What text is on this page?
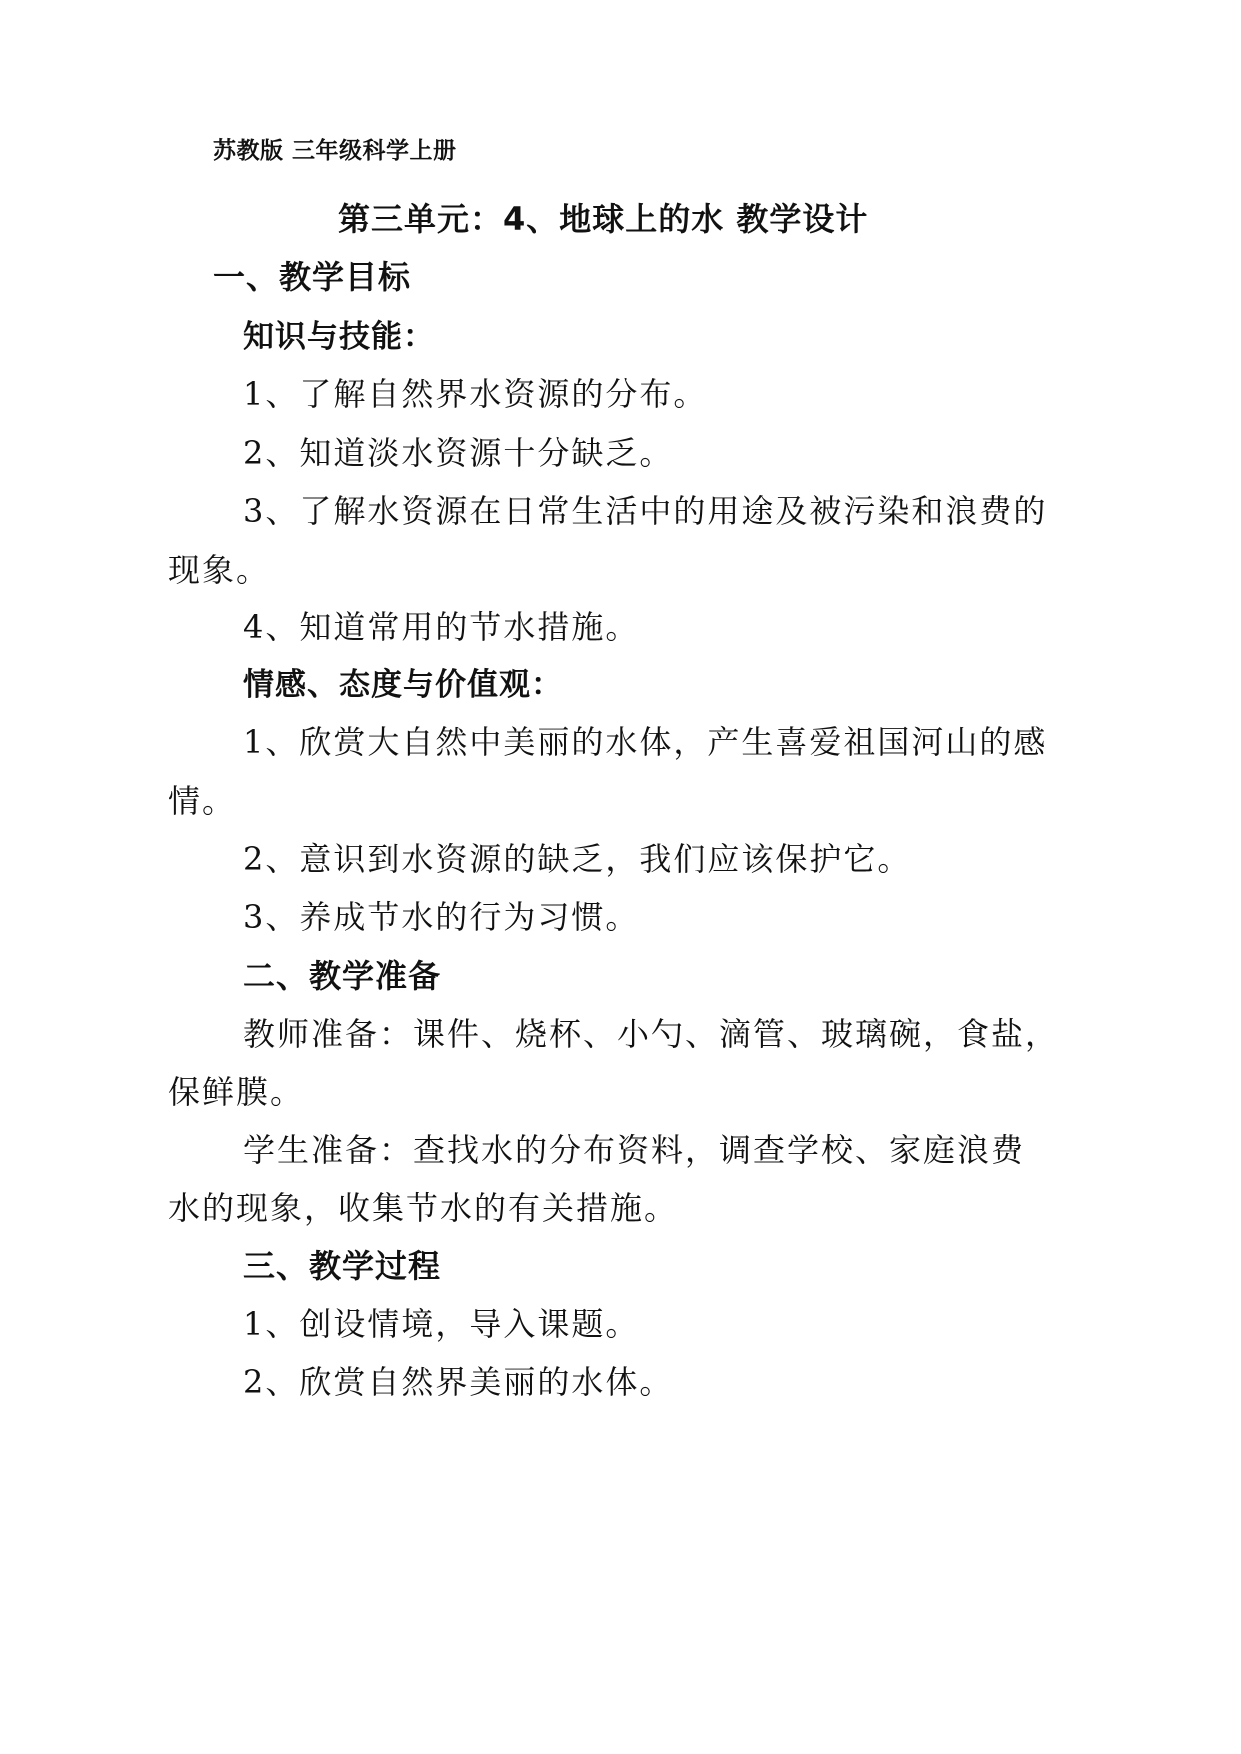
苏教版 三年级科学上册
第三单元：4、地球上的水 教学设计
一、教学目标
知识与技能：
1、了解自然界水资源的分布。
2、知道淡水资源十分缺乏。
3、了解水资源在日常生活中的用途及被污染和浪费的
现象。
4、知道常用的节水措施。
情感、态度与价值观：
1、欣赏大自然中美丽的水体，产生喜爱祖国河山的感
情。
2、意识到水资源的缺乏，我们应该保护它。
3、养成节水的行为习惯。
二、教学准备
教师准备：课件、烧杯、小勺、滴管、玻璃碗，食盐，
保鲜膜。
学生准备：查找水的分布资料，调查学校、家庭浪费
水的现象，收集节水的有关措施。
三、教学过程
1、创设情境，导入课题。
2、欣赏自然界美丽的水体。
